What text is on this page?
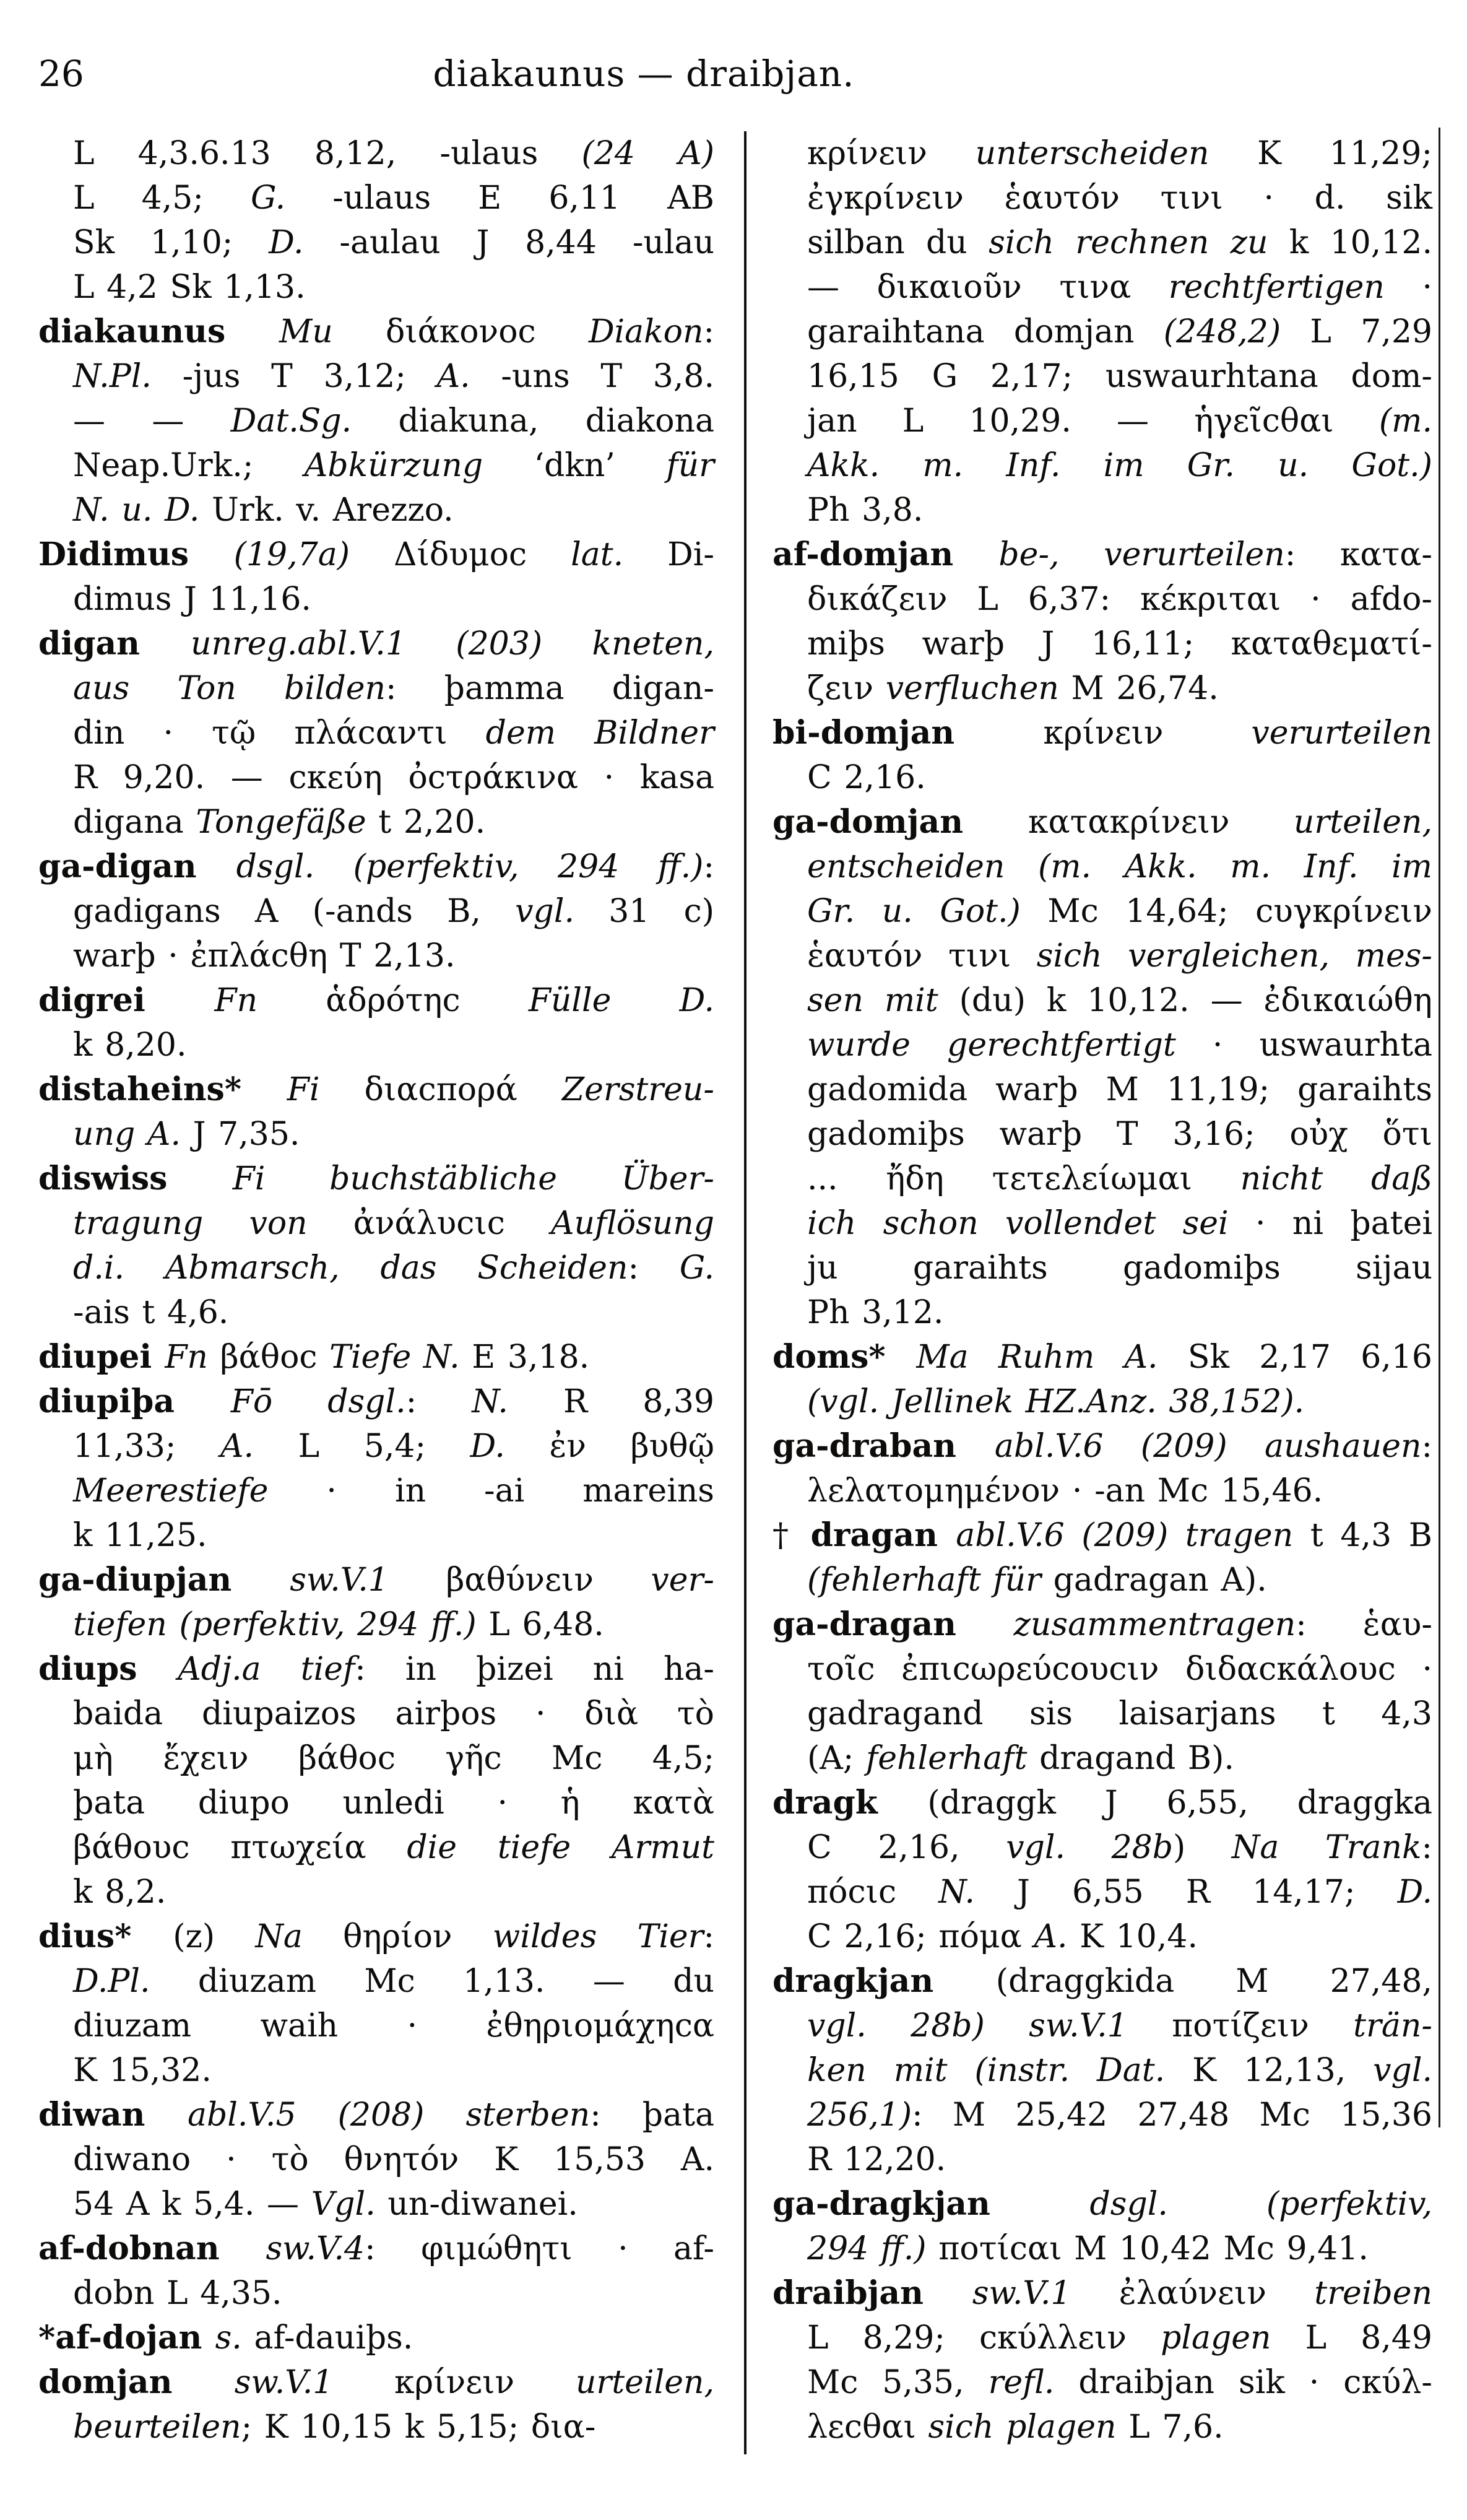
26	diakaunus — draibjan.
L 4,3.6.13 8,12, -ulaus (24 A)
L 4,5; G. -ulaus E 6,11 AB
Sk 1,10; D. -aulau J 8,44 -ulau
L 4,2 Sk 1,13.
diakaunus Mu διάκονοc Diakon:
N.Pl. -jus T 3,12; A. -uns T 3,8.
— — Dat.Sg. diakuna, diakona
Neap.Urk.; Abkürzung ‘dkn’ für
N. u. D. Urk. v. Arezzo.
Didimus (19,7a) Δίδυμοc lat. Di-
dimus J 11,16.
digan unreg.abl.V.1 (203) kneten,
aus Ton bilden: þamma digan-
din · τῷ πλάcαντι dem Bildner
R 9,20. — cκεύη ὀcτράκινα · kasa
digana Tongefäße t 2,20.
ga-digan dsgl. (perfektiv, 294 ff.):
gadigans A (-ands B, vgl. 31 c)
warþ · ἐπλάcθη T 2,13.
digrei Fn ἁδρότηc Fülle D.
k 8,20.
distaheins* Fi διαcπορά Zerstreu-
ung A. J 7,35.
diswiss Fi buchstäbliche Über-
tragung von ἀνάλυcιc Auflösung
d.i. Abmarsch, das Scheiden: G.
-ais t 4,6.
diupei Fn βάθοc Tiefe N. E 3,18.
diupiþa Fō dsgl.: N. R 8,39
11,33; A. L 5,4; D. ἐν βυθῷ
Meerestiefe · in -ai mareins
k 11,25.
ga-diupjan sw.V.1 βαθύνειν ver-
tiefen (perfektiv, 294 ff.) L 6,48.
diups Adj.a tief: in þizei ni ha-
baida diupaizos airþos · διὰ τὸ
μὴ ἔχειν βάθοc γῆc Mc 4,5;
þata diupo unledi · ἡ κατὰ
βάθουc πτωχεία die tiefe Armut
k 8,2.
dius* (z) Na θηρίον wildes Tier:
D.Pl. diuzam Mc 1,13. — du
diuzam waih · ἐθηριομάχηcα
K 15,32.
diwan abl.V.5 (208) sterben: þata
diwano · τὸ θνητόν K 15,53 A.
54 A k 5,4. — Vgl. un-diwanei.
af-dobnan sw.V.4: φιμώθητι · af-
dobn L 4,35.
*af-dojan s. af-dauiþs.
domjan sw.V.1 κρίνειν urteilen,
beurteilen; K 10,15 k 5,15; δια-
κρίνειν unterscheiden K 11,29;
ἐγκρίνειν ἑαυτόν τινι · d. sik
silban du sich rechnen zu k 10,12.
— δικαιοῦν τινα rechtfertigen ·
garaihtana domjan (248,2) L 7,29
16,15 G 2,17; uswaurhtana dom-
jan L 10,29. — ἡγεῖcθαι (m.
Akk. m. Inf. im Gr. u. Got.)
Ph 3,8.
af-domjan be-, verurteilen: κατα-
δικάζειν L 6,37: κέκριται · afdo-
miþs warþ J 16,11; καταθεματί-
ζειν verfluchen M 26,74.
bi-domjan κρίνειν verurteilen
C 2,16.
ga-domjan κατακρίνειν urteilen,
entscheiden (m. Akk. m. Inf. im
Gr. u. Got.) Mc 14,64; cυγκρίνειν
ἑαυτόν τινι sich vergleichen, mes-
sen mit (du) k 10,12. — ἐδικαιώθη
wurde gerechtfertigt · uswaurhta
gadomida warþ M 11,19; garaihts
gadomiþs warþ T 3,16; οὐχ ὅτι
... ἤδη τετελείωμαι nicht daß
ich schon vollendet sei · ni þatei
ju garaihts gadomiþs sijau
Ph 3,12.
doms* Ma Ruhm A. Sk 2,17 6,16
(vgl. Jellinek HZ.Anz. 38,152).
ga-draban abl.V.6 (209) aushauen:
λελατομημένον · -an Mc 15,46.
† dragan abl.V.6 (209) tragen t 4,3 B
(fehlerhaft für gadragan A).
ga-dragan zusammentragen: ἑαυ-
τοῖc ἐπιcωρεύcουcιν διδαcκάλουc ·
gadragand sis laisarjans t 4,3
(A; fehlerhaft dragand B).
dragk (draggk J 6,55, draggka
C 2,16, vgl. 28b) Na Trank:
πόcιc N. J 6,55 R 14,17; D.
C 2,16; πόμα A. K 10,4.
dragkjan (draggkida M 27,48,
vgl. 28b) sw.V.1 ποτίζειν trän-
ken mit (instr. Dat. K 12,13, vgl.
256,1): M 25,42 27,48 Mc 15,36
R 12,20.
ga-dragkjan dsgl. (perfektiv,
294 ff.) ποτίcαι M 10,42 Mc 9,41.
draibjan sw.V.1 ἐλαύνειν treiben
L 8,29; cκύλλειν plagen L 8,49
Mc 5,35, refl. draibjan sik · cκύλ-
λεcθαι sich plagen L 7,6.
